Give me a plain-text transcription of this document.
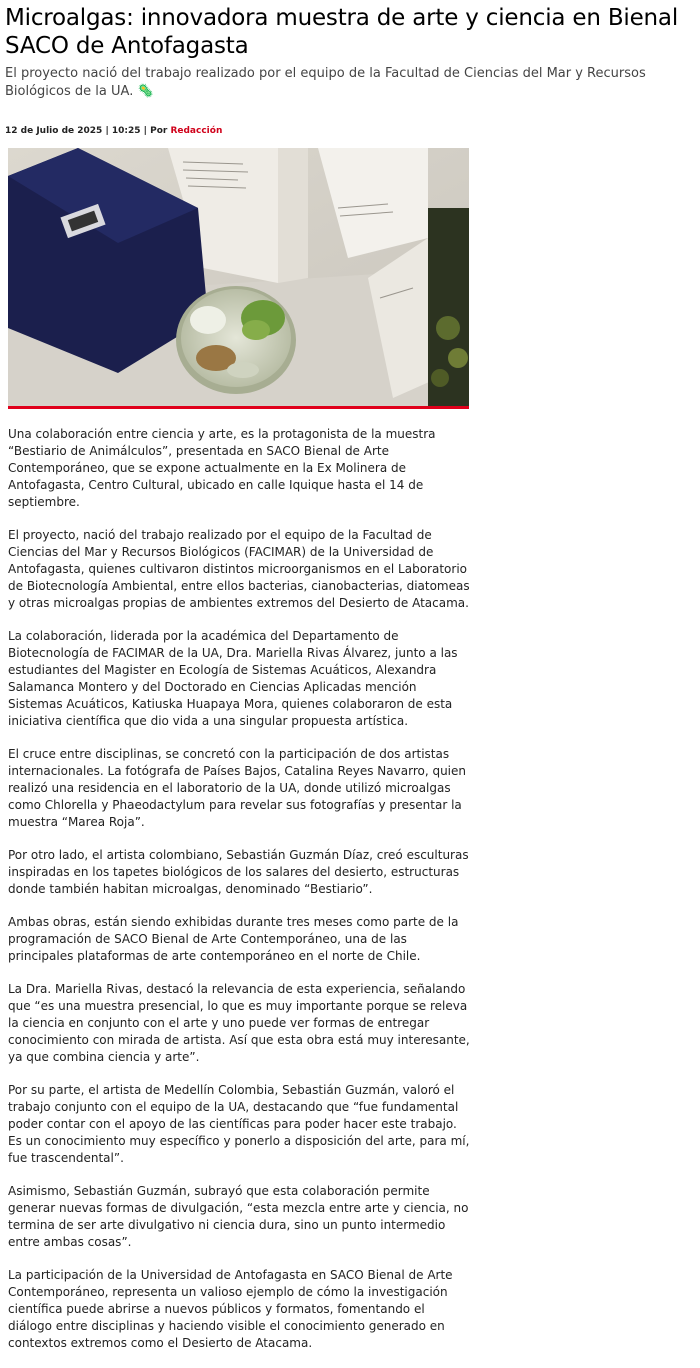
Microalgas: innovadora muestra de arte y ciencia en Bienal SACO de Antofagasta

El proyecto nació del trabajo realizado por el equipo de la Facultad de Ciencias del Mar y Recursos Biológicos de la UA. 🦠

12 de Julio de 2025 | 10:25 | Por Redacción

Una colaboración entre ciencia y arte, es la protagonista de la muestra “Bestiario de Animálculos”, presentada en SACO Bienal de Arte Contemporáneo, que se expone actualmente en la Ex Molinera de Antofagasta, Centro Cultural, ubicado en calle Iquique hasta el 14 de septiembre.

El proyecto, nació del trabajo realizado por el equipo de la Facultad de Ciencias del Mar y Recursos Biológicos (FACIMAR) de la Universidad de Antofagasta, quienes cultivaron distintos microorganismos en el Laboratorio de Biotecnología Ambiental, entre ellos bacterias, cianobacterias, diatomeas y otras microalgas propias de ambientes extremos del Desierto de Atacama.

La colaboración, liderada por la académica del Departamento de Biotecnología de FACIMAR de la UA, Dra. Mariella Rivas Álvarez, junto a las estudiantes del Magister en Ecología de Sistemas Acuáticos, Alexandra Salamanca Montero y del Doctorado en Ciencias Aplicadas mención Sistemas Acuáticos, Katiuska Huapaya Mora, quienes colaboraron de esta iniciativa científica que dio vida a una singular propuesta artística.

El cruce entre disciplinas, se concretó con la participación de dos artistas internacionales. La fotógrafa de Países Bajos, Catalina Reyes Navarro, quien realizó una residencia en el laboratorio de la UA, donde utilizó microalgas como Chlorella y Phaeodactylum para revelar sus fotografías y presentar la muestra “Marea Roja”.

Por otro lado, el artista colombiano, Sebastián Guzmán Díaz, creó esculturas inspiradas en los tapetes biológicos de los salares del desierto, estructuras donde también habitan microalgas, denominado “Bestiario”.

Ambas obras, están siendo exhibidas durante tres meses como parte de la programación de SACO Bienal de Arte Contemporáneo, una de las principales plataformas de arte contemporáneo en el norte de Chile.

La Dra. Mariella Rivas, destacó la relevancia de esta experiencia, señalando que “es una muestra presencial, lo que es muy importante porque se releva la ciencia en conjunto con el arte y uno puede ver formas de entregar conocimiento con mirada de artista. Así que esta obra está muy interesante, ya que combina ciencia y arte”.

Por su parte, el artista de Medellín Colombia, Sebastián Guzmán, valoró el trabajo conjunto con el equipo de la UA, destacando que “fue fundamental poder contar con el apoyo de las científicas para poder hacer este trabajo. Es un conocimiento muy específico y ponerlo a disposición del arte, para mí, fue trascendental”.

Asimismo, Sebastián Guzmán, subrayó que esta colaboración permite generar nuevas formas de divulgación, “esta mezcla entre arte y ciencia, no termina de ser arte divulgativo ni ciencia dura, sino un punto intermedio entre ambas cosas”.

La participación de la Universidad de Antofagasta en SACO Bienal de Arte Contemporáneo, representa un valioso ejemplo de cómo la investigación científica puede abrirse a nuevos públicos y formatos, fomentando el diálogo entre disciplinas y haciendo visible el conocimiento generado en contextos extremos como el Desierto de Atacama.
